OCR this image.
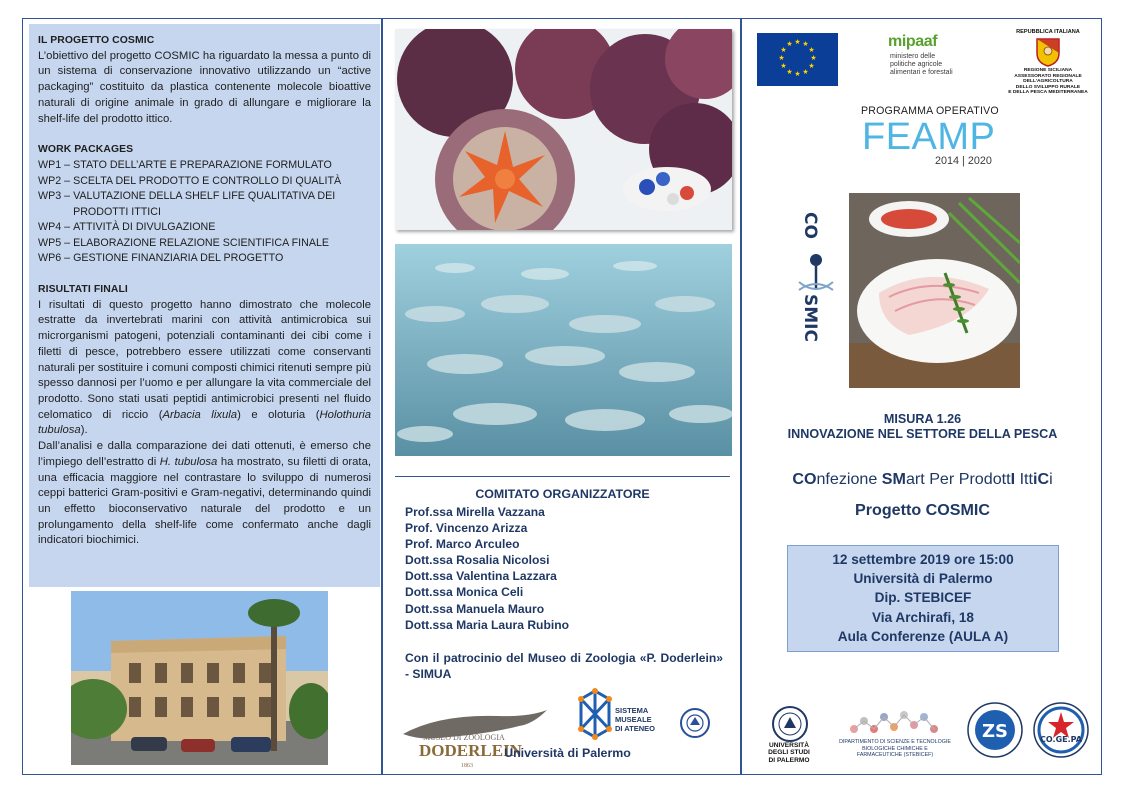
IL PROGETTO COSMIC

L’obiettivo del progetto COSMIC ha riguardato la messa a punto di un sistema di conservazione innovativo utilizzando un “active packaging” costituito da plastica contenente molecole bioattive naturali di origine animale in grado di allungare e migliorare la shelf-life del prodotto ittico.

WORK PACKAGES
WP1 – STATO DELL’ARTE E PREPARAZIONE FORMULATO
WP2 – SCELTA DEL PRODOTTO E CONTROLLO DI QUALITÀ
WP3 – VALUTAZIONE DELLA SHELF LIFE QUALITATIVA DEI PRODOTTI ITTICI
WP4 – ATTIVITÀ DI DIVULGAZIONE
WP5 – ELABORAZIONE RELAZIONE SCIENTIFICA FINALE
WP6 – GESTIONE FINANZIARIA DEL PROGETTO
RISULTATI FINALI

I risultati di questo progetto hanno dimostrato che molecole estratte da invertebrati marini con attività antimicrobica sui microrganismi patogeni, potenziali contaminanti dei cibi come i filetti di pesce, potrebbero essere utilizzati come conservanti naturali per sostituire i comuni composti chimici ritenuti sempre più spesso dannosi per l’uomo e per allungare la vita commerciale del prodotto. Sono stati usati peptidi antimicrobici presenti nel fluido celomatico di riccio (Arbacia lixula) e oloturia (Holothuria tubulosa).

Dall’analisi e dalla comparazione dei dati ottenuti, è emerso che l’impiego dell’estratto di H. tubulosa ha mostrato, su filetti di orata, una efficacia maggiore nel contrastare lo sviluppo di numerosi ceppi batterici Gram-positivi e Gram-negativi, determinando quindi un effetto bioconservativo naturale del prodotto e un prolungamento della shelf-life come confermato anche dagli indicatori biochimici.

COMITATO ORGANIZZATORE
Prof.ssa Mirella Vazzana
Prof. Vincenzo Arizza
Prof. Marco Arculeo
Dott.ssa Rosalia Nicolosi
Dott.ssa Valentina Lazzara
Dott.ssa Monica Celi
Dott.ssa Manuela Mauro
Dott.ssa Maria Laura Rubino
Con il patrocinio del Museo di Zoologia «P. Doderlein» - SIMUA
MUSEO DI ZOOLOGIA
DODERLEIN
1863
SISTEMA
MUSEALE
DI ATENEO
Università di Palermo
★ ★
★
★
★
★
★
★
★
★
★
★	mipaaf
ministero delle
politiche agricole
alimentari e forestali
REPUBBLICA ITALIANA
REGIONE SICILIANA
ASSESSORATO REGIONALE
DELL’AGRICOLTURA
DELLO SVILUPPO RURALE
E DELLA PESCA MEDITERRANEA
PROGRAMMA OPERATIVO
FEAMP
2014 | 2020
CO
SMIC
MISURA 1.26
INNOVAZIONE NEL SETTORE DELLA PESCA
COnfezione SMart Per ProdottI IttiCi
Progetto COSMIC
12 settembre 2019 ore 15:00
Università di Palermo
Dip. STEBICEF
Via Archirafi, 18
Aula Conferenze (AULA A)
UNIVERSITÀ
DEGLI STUDI
DI PALERMO
DIPARTIMENTO DI SCIENZE E TECNOLOGIE
BIOLOGICHE CHIMICHE E FARMACEUTICHE (STEBICEF)
ZS	CO.GE.PA
